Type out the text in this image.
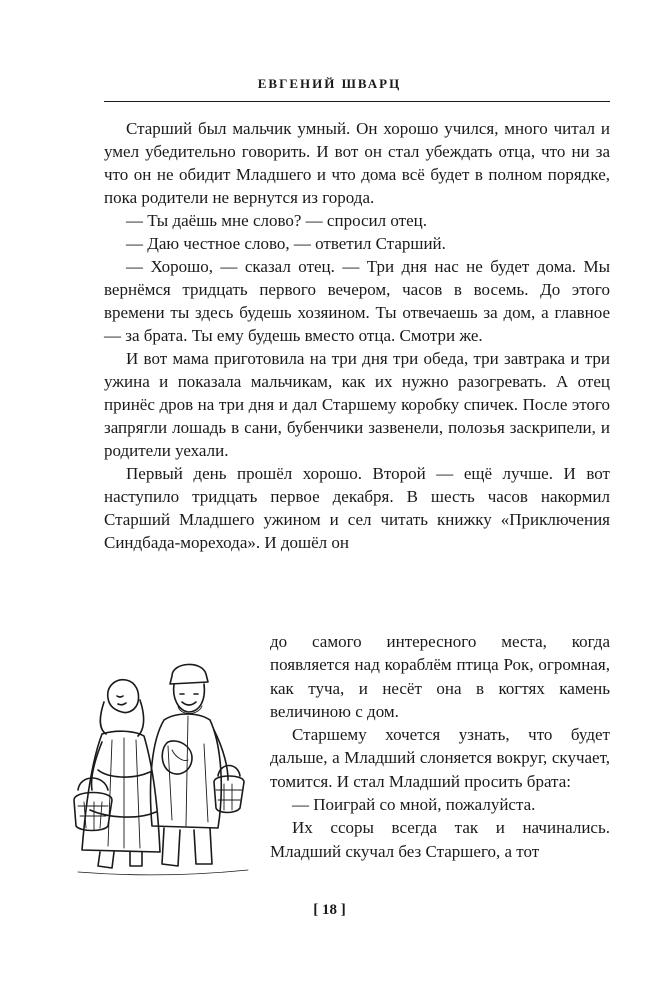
ЕВГЕНИЙ ШВАРЦ

Старший был мальчик умный. Он хорошо учился, много читал и умел убедительно говорить. И вот он стал убеждать отца, что ни за что он не обидит Младшего и что дома всё будет в полном порядке, пока родители не вернутся из города.

— Ты даёшь мне слово? — спросил отец.

— Даю честное слово, — ответил Старший.

— Хорошо, — сказал отец. — Три дня нас не будет дома. Мы вернёмся тридцать первого вечером, часов в восемь. До этого времени ты здесь будешь хозяином. Ты отвечаешь за дом, а главное — за брата. Ты ему будешь вместо отца. Смотри же.

И вот мама приготовила на три дня три обеда, три завтрака и три ужина и показала мальчикам, как их нужно разогревать. А отец принёс дров на три дня и дал Старшему коробку спичек. После этого запрягли лошадь в сани, бубенчики зазвенели, полозья заскрипели, и родители уехали.

Первый день прошёл хорошо. Второй — ещё лучше. И вот наступило тридцать первое декабря. В шесть часов накормил Старший Младшего ужином и сел читать книжку «Приключения Синдбада-морехода». И дошёл он

до самого интересного места, когда появляется над кораблём птица Рок, огромная, как туча, и несёт она в когтях камень величиною с дом.

Старшему хочется узнать, что будет дальше, а Младший слоняется вокруг, скучает, томится. И стал Младший просить брата:

— Поиграй со мной, пожалуйста.

Их ссоры всегда так и начинались. Младший скучал без Старшего, а тот

[ 18 ]
